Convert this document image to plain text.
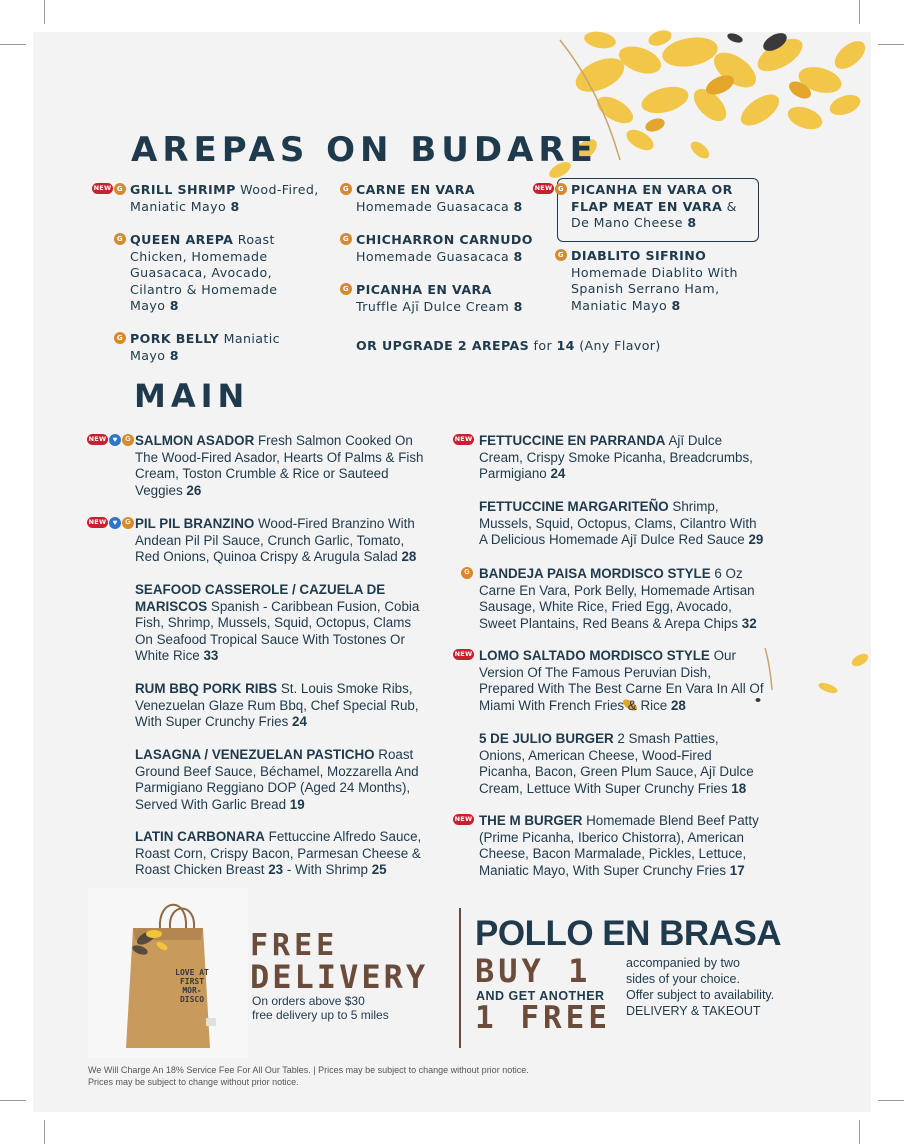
AREPAS ON BUDARE
NEW G GRILL SHRIMP Wood-Fired, Maniatic Mayo 8
G QUEEN AREPA Roast Chicken, Homemade Guasacaca, Avocado, Cilantro & Homemade Mayo 8
G PORK BELLY Maniatic Mayo 8
G CARNE EN VARA
Homemade Guasacaca 8
G CHICHARRON CARNUDO
Homemade Guasacaca 8
G PICANHA EN VARA Truffle Ajī Dulce Cream 8
NEW G PICANHA EN VARA OR FLAP MEAT EN VARA & De Mano Cheese 8
G DIABLITO SIFRINO Homemade Diablito With Spanish Serrano Ham, Maniatic Mayo 8
OR UPGRADE 2 AREPAS for 14 (Any Flavor)
MAIN
NEW ♥	G SALMON ASADOR Fresh Salmon Cooked On The Wood-Fired Asador, Hearts Of Palms & Fish Cream, Toston Crumble & Rice or Sauteed Veggies 26
NEW ♥	G PIL PIL BRANZINO Wood-Fired Branzino With Andean Pil Pil Sauce, Crunch Garlic, Tomato, Red Onions, Quinoa Crispy & Arugula Salad 28
SEAFOOD CASSEROLE / CAZUELA DE MARISCOS Spanish - Caribbean Fusion, Cobia Fish, Shrimp, Mussels, Squid, Octopus, Clams On Seafood Tropical Sauce With Tostones Or White Rice 33
RUM BBQ PORK RIBS St. Louis Smoke Ribs, Venezuelan Glaze Rum Bbq, Chef Special Rub, With Super Crunchy Fries 24
LASAGNA / VENEZUELAN PASTICHO Roast Ground Beef Sauce, Béchamel, Mozzarella And Parmigiano Reggiano DOP (Aged 24 Months), Served With Garlic Bread 19
LATIN CARBONARA Fettuccine Alfredo Sauce, Roast Corn, Crispy Bacon, Parmesan Cheese & Roast Chicken Breast 23 - With Shrimp 25
NEW FETTUCCINE EN PARRANDA Ajī Dulce Cream, Crispy Smoke Picanha, Breadcrumbs, Parmigiano 24
FETTUCCINE MARGARITEÑO Shrimp, Mussels, Squid, Octopus, Clams, Cilantro With A Delicious Homemade Ajī Dulce Red Sauce 29
G BANDEJA PAISA MORDISCO STYLE 6 Oz Carne En Vara, Pork Belly, Homemade Artisan Sausage, White Rice, Fried Egg, Avocado, Sweet Plantains, Red Beans & Arepa Chips 32
NEW LOMO SALTADO MORDISCO STYLE Our Version Of The Famous Peruvian Dish, Prepared With The Best Carne En Vara In All Of Miami With French Fries & Rice 28
5 DE JULIO BURGER 2 Smash Patties, Onions, American Cheese, Wood-Fired Picanha, Bacon, Green Plum Sauce, Ajī Dulce Cream, Lettuce With Super Crunchy Fries 18
NEW THE M BURGER Homemade Blend Beef Patty (Prime Picanha, Iberico Chistorra), American Cheese, Bacon Marmalade, Pickles, Lettuce, Maniatic Mayo, With Super Crunchy Fries 17
LOVE AT FIRST MOR- DISCO
FREE
DELIVERY
On orders above $30
free delivery up to 5 miles
POLLO EN BRASA
BUY 1
AND GET ANOTHER
1 FREE
accompanied by two
sides of your choice.
Offer subject to availability.
DELIVERY & TAKEOUT
We Will Charge An 18% Service Fee For All Our Tables. | Prices may be subject to change without prior notice.
Prices may be subject to change without prior notice.
